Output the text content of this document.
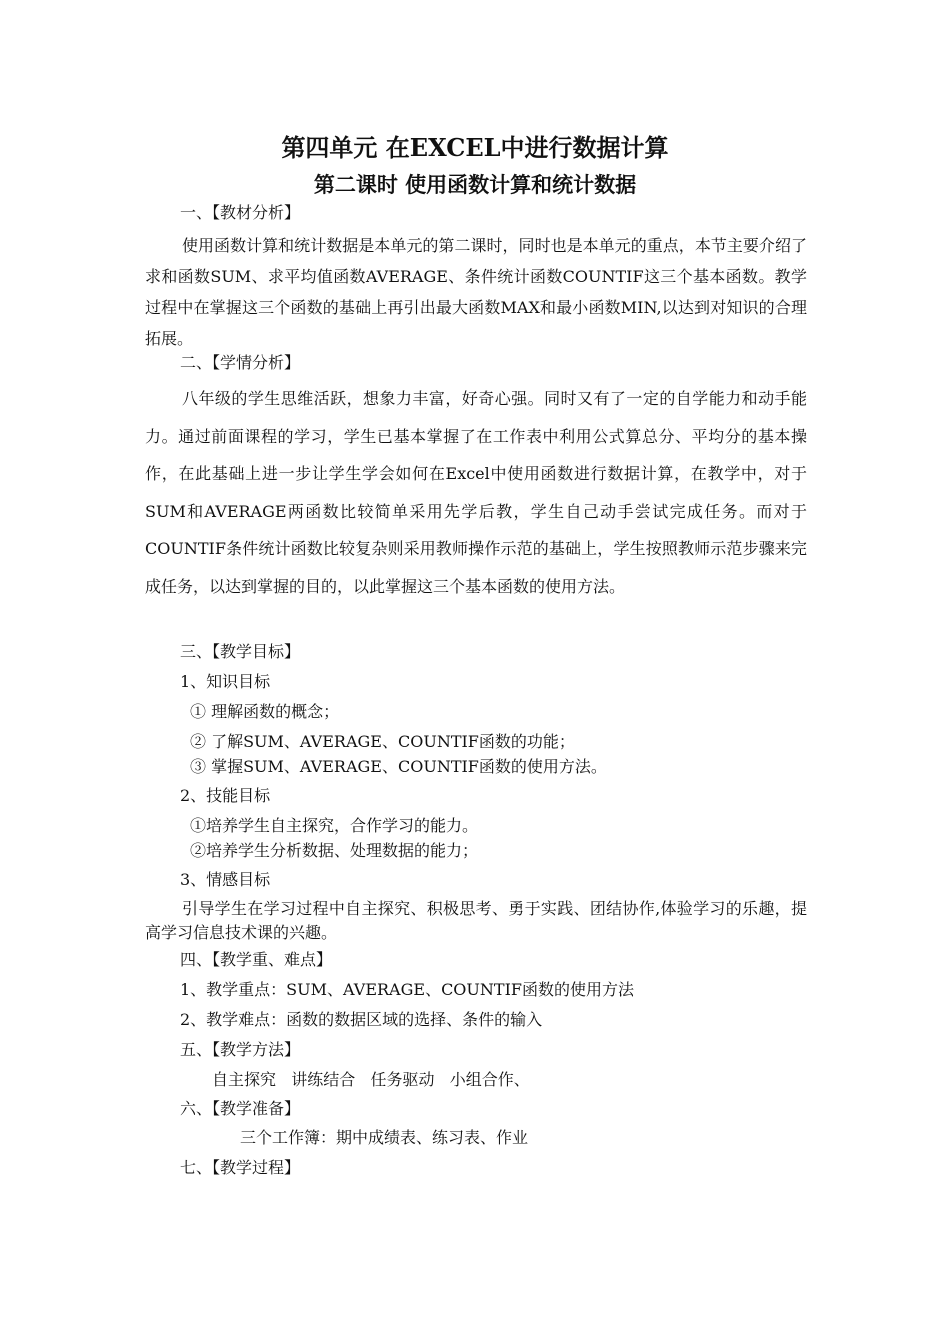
第四单元 在EXCEL中进行数据计算
第二课时 使用函数计算和统计数据
一、【教材分析】

使用函数计算和统计数据是本单元的第二课时，同时也是本单元的重点，本节主要介绍了求和函数SUM、求平均值函数AVERAGE、条件统计函数COUNTIF这三个基本函数。教学过程中在掌握这三个函数的基础上再引出最大函数MAX和最小函数MIN,以达到对知识的合理拓展。

二、【学情分析】

八年级的学生思维活跃，想象力丰富，好奇心强。同时又有了一定的自学能力和动手能力。通过前面课程的学习，学生已基本掌握了在工作表中利用公式算总分、平均分的基本操作，在此基础上进一步让学生学会如何在Excel中使用函数进行数据计算，在教学中，对于SUM和AVERAGE两函数比较简单采用先学后教，学生自己动手尝试完成任务。而对于COUNTIF条件统计函数比较复杂则采用教师操作示范的基础上，学生按照教师示范步骤来完成任务，以达到掌握的目的，以此掌握这三个基本函数的使用方法。

三、【教学目标】
1、知识目标
① 理解函数的概念；
② 了解SUM、AVERAGE、COUNTIF函数的功能；
③ 掌握SUM、AVERAGE、COUNTIF函数的使用方法。
2、技能目标
①培养学生自主探究，合作学习的能力。
②培养学生分析数据、处理数据的能力；
3、情感目标

引导学生在学习过程中自主探究、积极思考、勇于实践、团结协作,体验学习的乐趣，提高学习信息技术课的兴趣。

四、【教学重、难点】
1、教学重点：SUM、AVERAGE、COUNTIF函数的使用方法
2、教学难点：函数的数据区域的选择、条件的输入
五、【教学方法】
自主探究   讲练结合   任务驱动   小组合作、
六、【教学准备】
三个工作簿：期中成绩表、练习表、作业
七、【教学过程】
